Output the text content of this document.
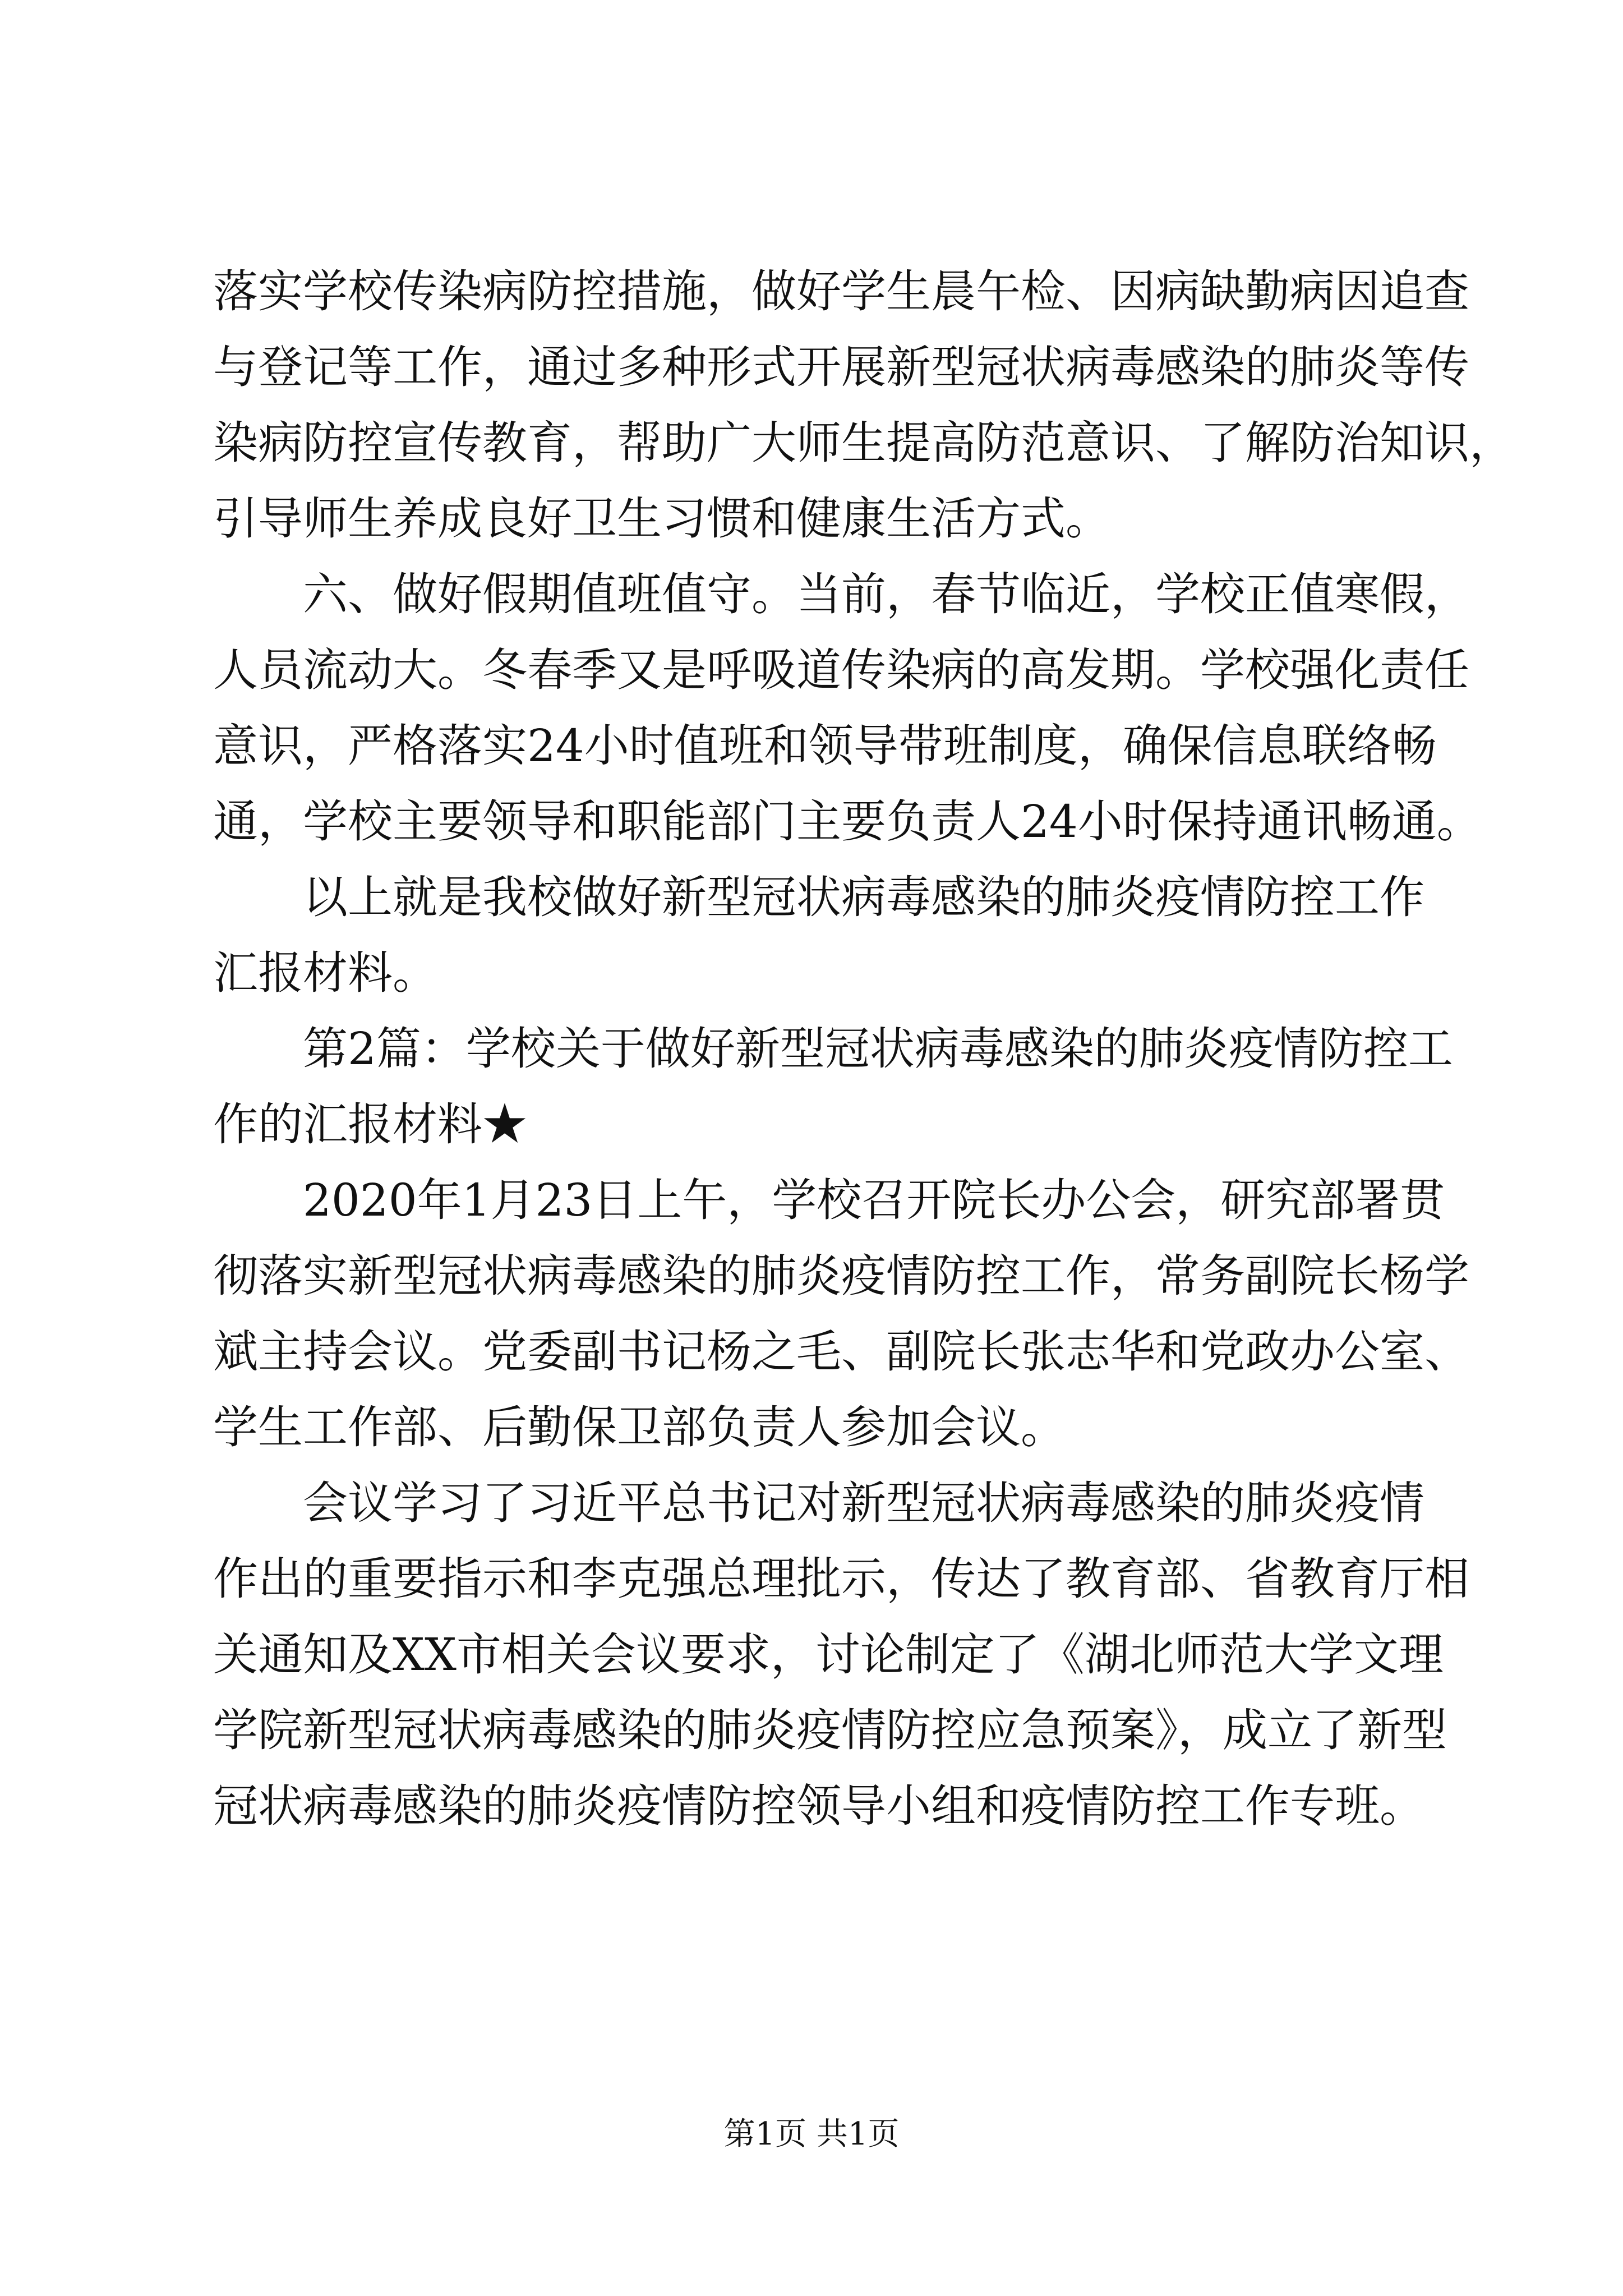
落实学校传染病防控措施，做好学生晨午检、因病缺勤病因追查
与登记等工作，通过多种形式开展新型冠状病毒感染的肺炎等传
染病防控宣传教育，帮助广大师生提高防范意识、了解防治知识，
引导师生养成良好卫生习惯和健康生活方式。
六、做好假期值班值守。当前，春节临近，学校正值寒假，
人员流动大。冬春季又是呼吸道传染病的高发期。学校强化责任
意识，严格落实24小时值班和领导带班制度，确保信息联络畅
通，学校主要领导和职能部门主要负责人24小时保持通讯畅通。
以上就是我校做好新型冠状病毒感染的肺炎疫情防控工作
汇报材料。
第2篇：学校关于做好新型冠状病毒感染的肺炎疫情防控工
作的汇报材料★
2020年1月23日上午，学校召开院长办公会，研究部署贯
彻落实新型冠状病毒感染的肺炎疫情防控工作，常务副院长杨学
斌主持会议。党委副书记杨之毛、副院长张志华和党政办公室、
学生工作部、后勤保卫部负责人参加会议。
会议学习了习近平总书记对新型冠状病毒感染的肺炎疫情
作出的重要指示和李克强总理批示，传达了教育部、省教育厅相
关通知及XX市相关会议要求，讨论制定了《湖北师范大学文理
学院新型冠状病毒感染的肺炎疫情防控应急预案》，成立了新型
冠状病毒感染的肺炎疫情防控领导小组和疫情防控工作专班。
第1页 共1页
